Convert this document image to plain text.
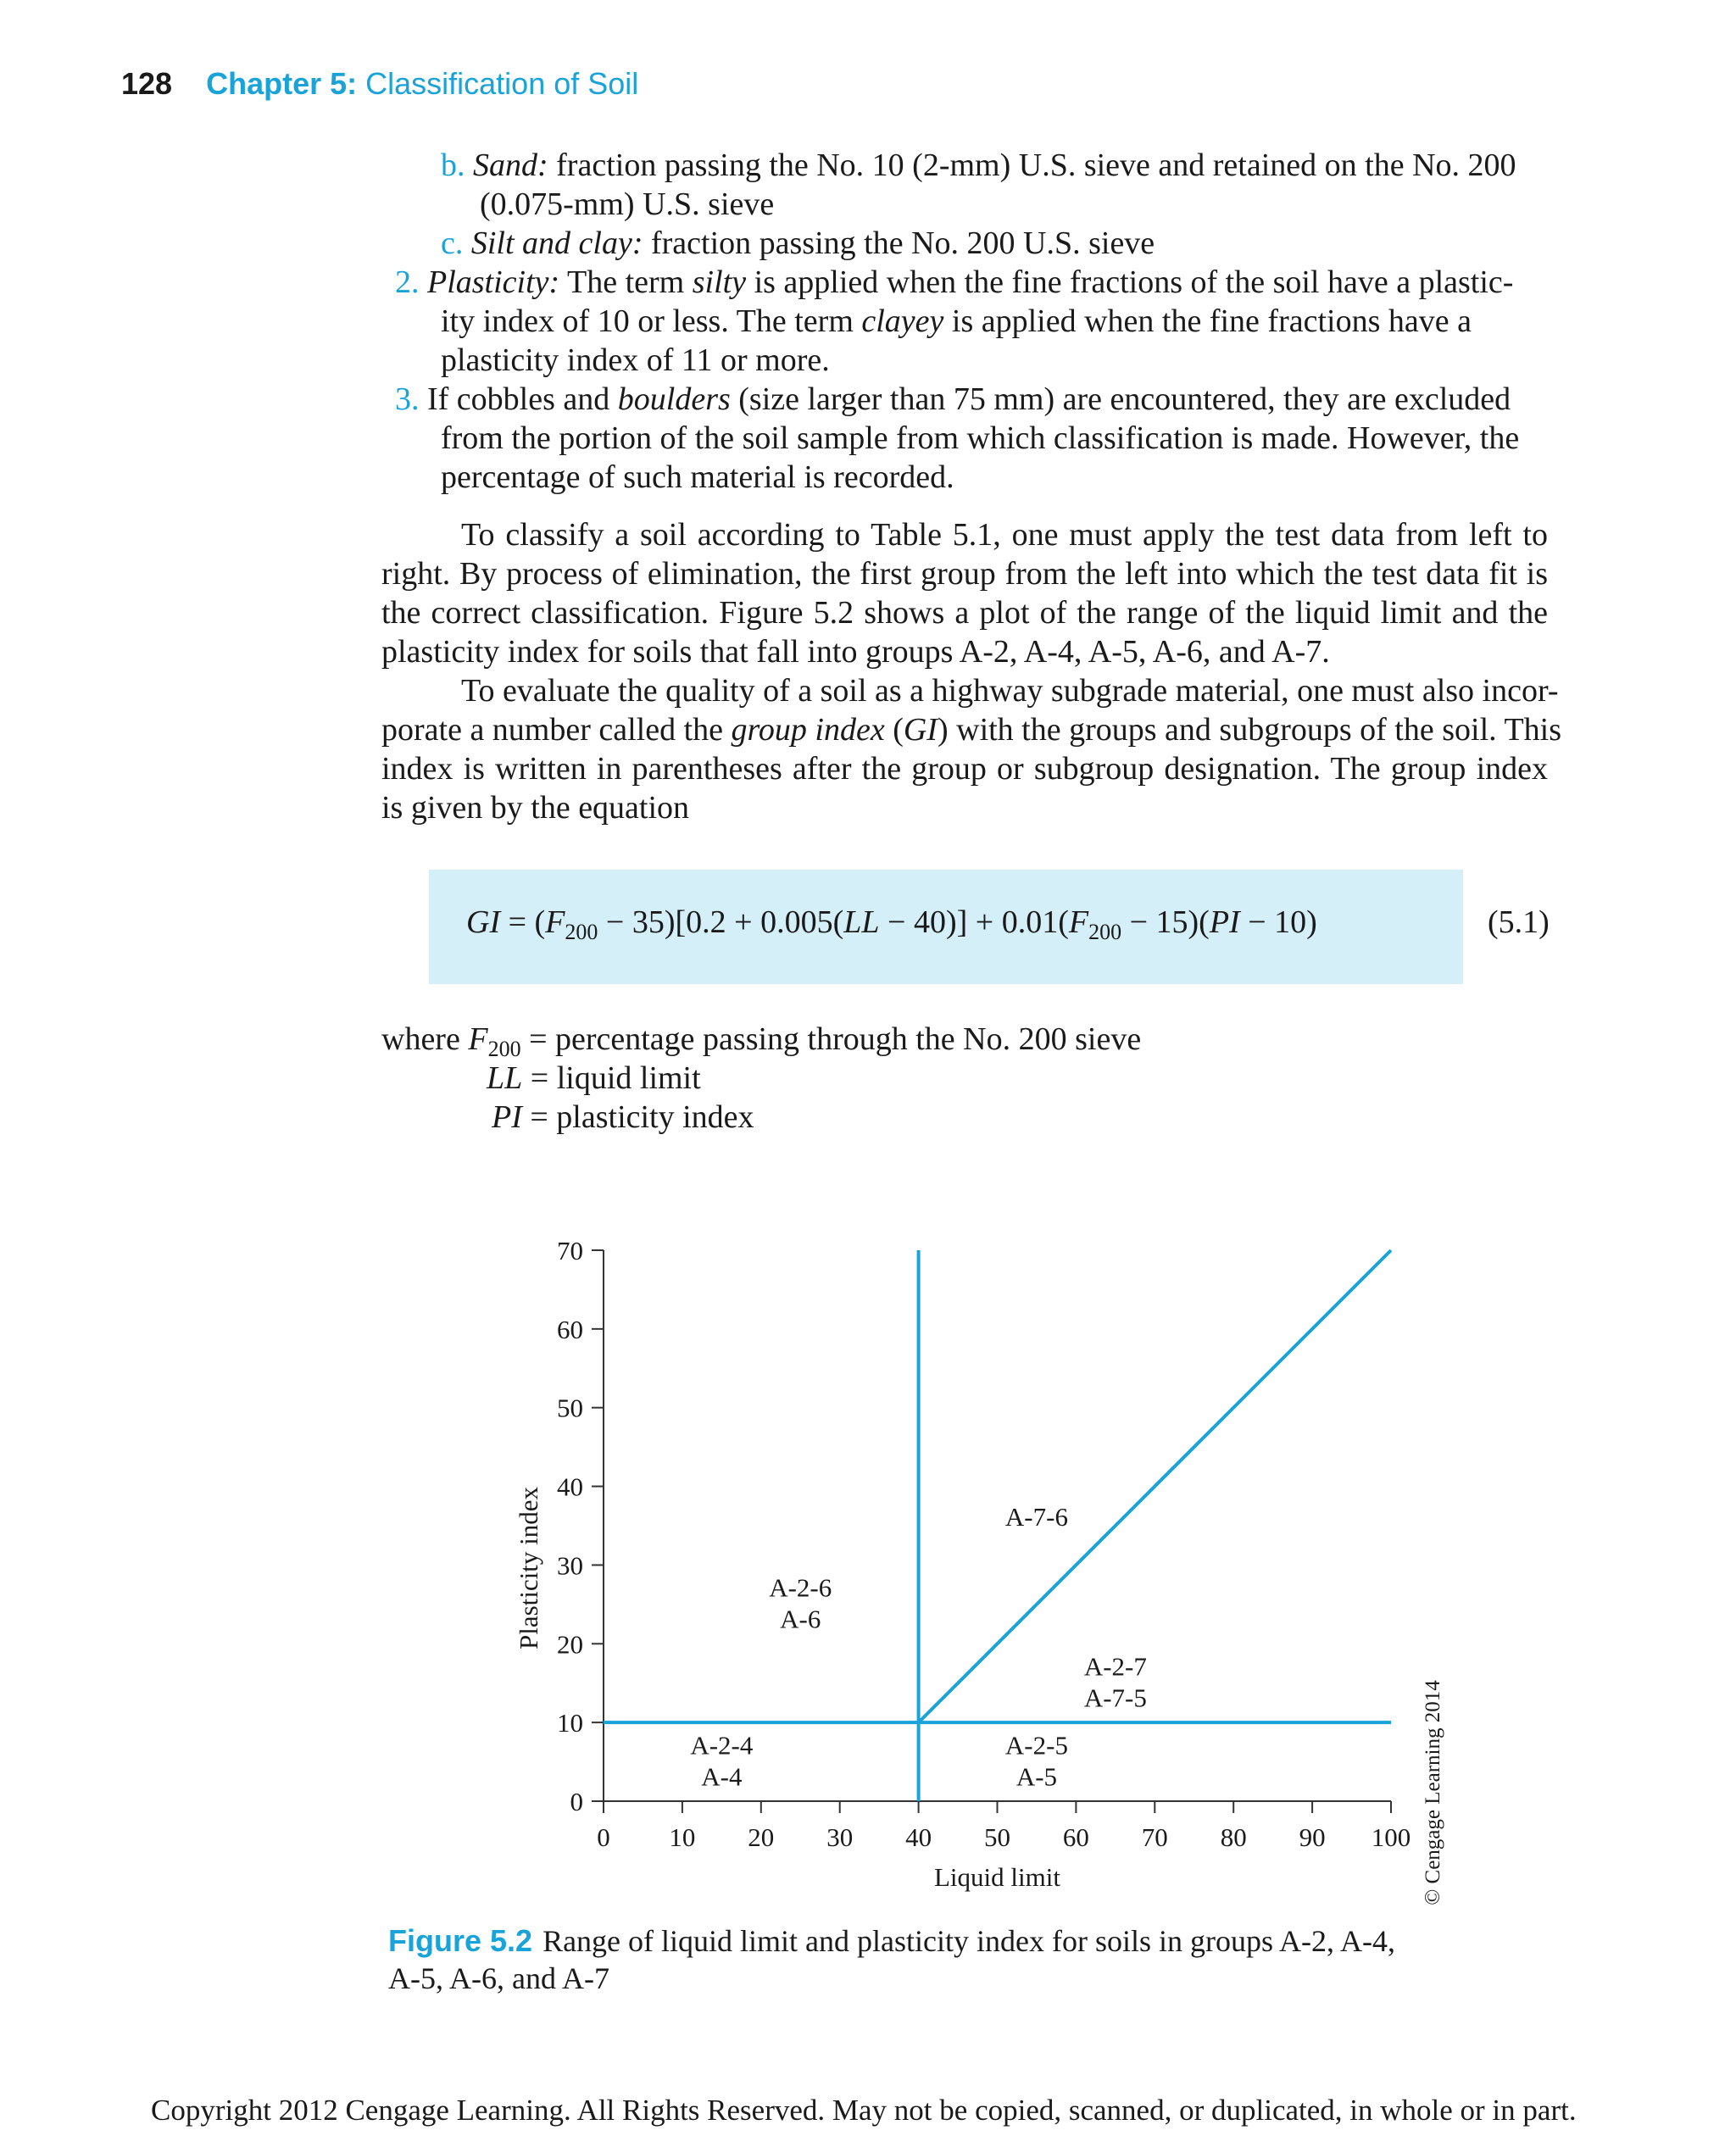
128 Chapter 5: Classification of Soil
b. Sand: fraction passing the No. 10 (2-mm) U.S. sieve and retained on the No. 200
(0.075-mm) U.S. sieve
c. Silt and clay: fraction passing the No. 200 U.S. sieve
2. Plasticity: The term silty is applied when the fine fractions of the soil have a plastic-
ity index of 10 or less. The term clayey is applied when the fine fractions have a
plasticity index of 11 or more.
3. If cobbles and boulders (size larger than 75 mm) are encountered, they are excluded
from the portion of the soil sample from which classification is made. However, the
percentage of such material is recorded.
To classify a soil according to Table 5.1, one must apply the test data from left to
right. By process of elimination, the first group from the left into which the test data fit is
the correct classification. Figure 5.2 shows a plot of the range of the liquid limit and the
plasticity index for soils that fall into groups A-2, A-4, A-5, A-6, and A-7.
To evaluate the quality of a soil as a highway subgrade material, one must also incor-
porate a number called the group index (GI) with the groups and subgroups of the soil. This
index is written in parentheses after the group or subgroup designation. The group index
is given by the equation
GI = $(F_{200} - 35)[0.2 + 0.005(LL - 40)] + 0.01(F_{200} - 15)(PI - 10)$	(5.1)
where $F_{200}$ = percentage passing through the No. 200 sieve
LL = liquid limit
PI = plasticity index
0 10 20 30 40 50 60 70 80 90 100
0
10
20
30
40
50
60
70
Liquid limit
Plasticity index
A-2-4 A-4
A-2-6 A-6
A-7-6
A-2-7 A-7-5
A-2-5 A-5	© Cengage Learning 2014
Figure 5.2 Range of liquid limit and plasticity index for soils in groups A-2, A-4, A-5, A-6, and A-7
Copyright 2012 Cengage Learning. All Rights Reserved. May not be copied, scanned, or duplicated, in whole or in part.
